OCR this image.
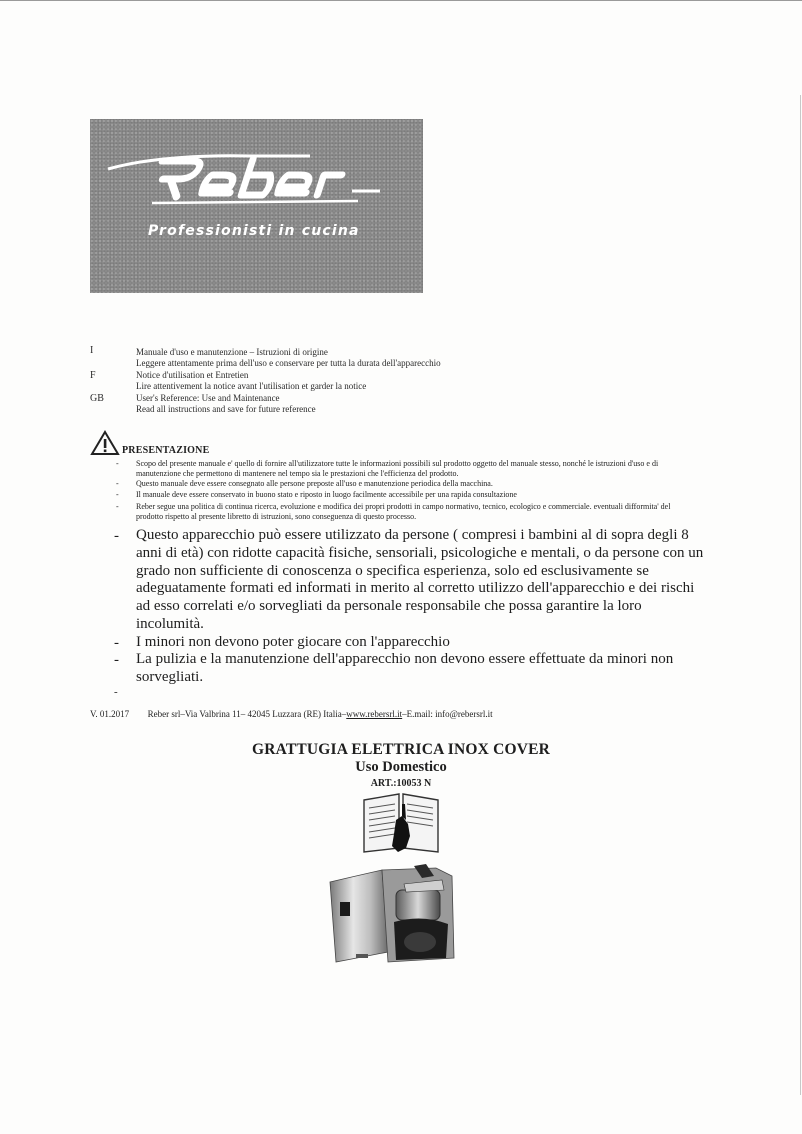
Professionisti in cucina
I	Manuale d'uso e manutenzione – Istruzioni di origine
Leggere attentamente prima dell'uso e conservare per tutta la durata dell'apparecchio
F	Notice d'utilisation et Entretien
Lire attentivement la notice avant l'utilisation et garder la notice
GB	User's Reference: Use and Maintenance
Read all instructions and save for future reference
PRESENTAZIONE
- Scopo del presente manuale e' quello di fornire all'utilizzatore tutte le informazioni possibili sul prodotto oggetto del manuale stesso, nonché le istruzioni d'uso e di manutenzione che permettono di mantenere nel tempo sia le prestazioni che l'efficienza del prodotto.
- Questo manuale deve essere consegnato alle persone preposte all'uso e manutenzione periodica della macchina.
- Il manuale deve essere conservato in buono stato e riposto in luogo facilmente accessibile per una rapida consultazione
- Reber segue una politica di continua ricerca, evoluzione e modifica dei propri prodotti in campo normativo, tecnico, ecologico e commerciale. eventuali difformita' del prodotto rispetto al presente libretto di istruzioni, sono conseguenza di questo processo.
- Questo apparecchio può essere utilizzato da persone ( compresi i bambini al di sopra degli 8 anni di età) con ridotte capacità fisiche, sensoriali, psicologiche e mentali, o da persone con un grado non sufficiente di conoscenza o specifica esperienza, solo ed esclusivamente se adeguatamente formati ed informati in merito al corretto utilizzo dell'apparecchio e dei rischi ad esso correlati e/o sorvegliati da personale responsabile che possa garantire la loro incolumità.
- I minori non devono poter giocare con l'apparecchio
- La pulizia e la manutenzione dell'apparecchio non devono essere effettuate da minori non sorvegliati.
-
V. 01.2017 Reber srl–Via Valbrina 11– 42045 Luzzara (RE) Italia–www.rebersrl.it–E.mail: info@rebersrl.it
GRATTUGIA ELETTRICA INOX COVER
Uso Domestico
ART.:10053 N
